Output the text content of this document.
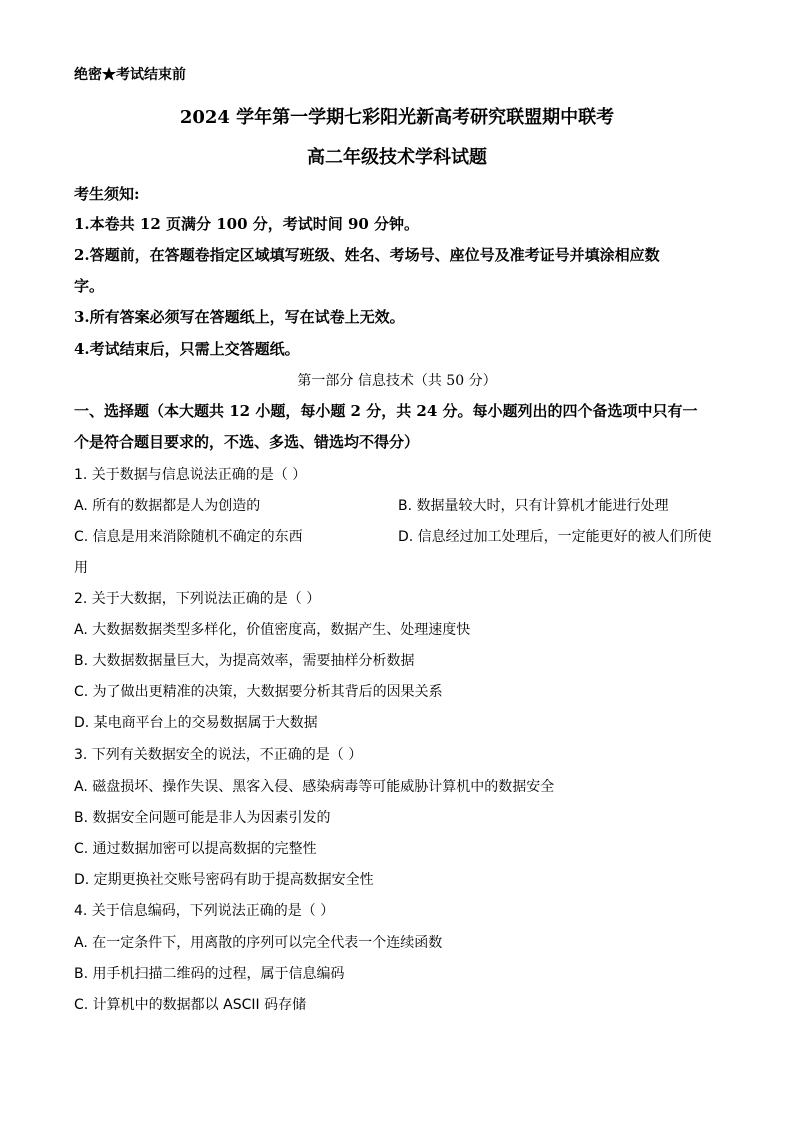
绝密★考试结束前
2024 学年第一学期七彩阳光新高考研究联盟期中联考
高二年级技术学科试题
考生须知:
1.本卷共 12 页满分 100 分，考试时间 90 分钟。
2.答题前，在答题卷指定区域填写班级、姓名、考场号、座位号及准考证号并填涂相应数
字。
3.所有答案必须写在答题纸上，写在试卷上无效。
4.考试结束后，只需上交答题纸。
第一部分 信息技术（共 50 分）
一、选择题（本大题共 12 小题，每小题 2 分，共 24 分。每小题列出的四个备选项中只有一
个是符合题目要求的，不选、多选、错选均不得分）
1. 关于数据与信息说法正确的是（ ）
A. 所有的数据都是人为创造的	B. 数据量较大时，只有计算机才能进行处理
C. 信息是用来消除随机不确定的东西	D. 信息经过加工处理后，一定能更好的被人们所使
用
2. 关于大数据，下列说法正确的是（ ）
A. 大数据数据类型多样化，价值密度高，数据产生、处理速度快
B. 大数据数据量巨大，为提高效率，需要抽样分析数据
C. 为了做出更精准的决策，大数据要分析其背后的因果关系
D. 某电商平台上的交易数据属于大数据
3. 下列有关数据安全的说法，不正确的是（ ）
A. 磁盘损坏、操作失误、黑客入侵、感染病毒等可能威胁计算机中的数据安全
B. 数据安全问题可能是非人为因素引发的
C. 通过数据加密可以提高数据的完整性
D. 定期更换社交账号密码有助于提高数据安全性
4. 关于信息编码，下列说法正确的是（ ）
A. 在一定条件下，用离散的序列可以完全代表一个连续函数
B. 用手机扫描二维码的过程，属于信息编码
C. 计算机中的数据都以 ASCII 码存储
